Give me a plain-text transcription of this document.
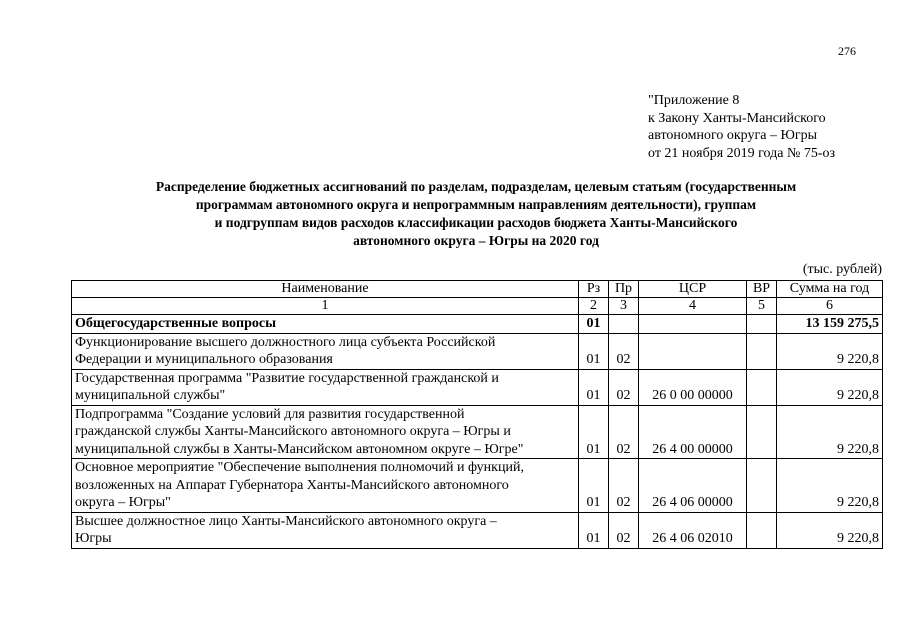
276
"Приложение 8
к Закону Ханты-Мансийского
автономного округа – Югры
от 21 ноября 2019 года № 75-оз
Распределение бюджетных ассигнований по разделам, подразделам, целевым статьям (государственным
программам автономного округа и непрограммным направлениям деятельности), группам
и подгруппам видов расходов классификации расходов бюджета Ханты-Мансийского
автономного округа – Югры на 2020 год
(тыс. рублей)
Наименование	Рз	Пр	ЦСР	ВР	Сумма на год
1	2	3	4	5	6

Общегосударственные вопросы	01				13 159 275,5

Функционирование высшего должностного лица субъекта Российской
Федерации и муниципального образования	01	02			9 220,8

Государственная программа "Развитие государственной гражданской и
муниципальной службы"	01	02	26 0 00 00000		9 220,8

Подпрограмма "Создание условий для развития государственной
гражданской службы Ханты-Мансийского автономного округа – Югры и
муниципальной службы в Ханты-Мансийском автономном округе – Югре"	01	02	26 4 00 00000		9 220,8

Основное мероприятие "Обеспечение выполнения полномочий и функций,
возложенных на Аппарат Губернатора Ханты-Мансийского автономного
округа – Югры"	01	02	26 4 06 00000		9 220,8

Высшее должностное лицо Ханты-Мансийского автономного округа –
Югры	01	02	26 4 06 02010		9 220,8
